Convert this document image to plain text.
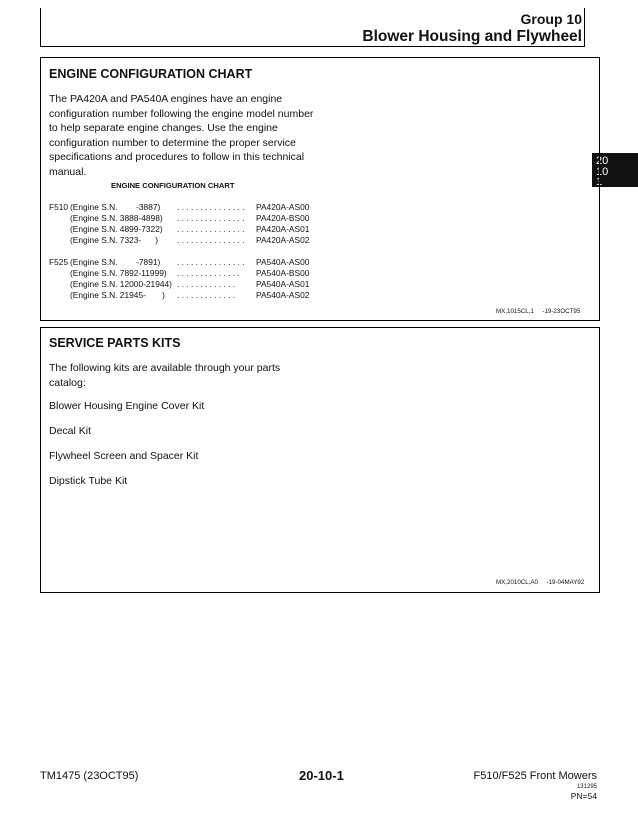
Group 10
Blower Housing and Flywheel
20
10
1
ENGINE CONFIGURATION CHART
The PA420A and PA540A engines have an engine
configuration number following the engine model number
to help separate engine changes. Use the engine
configuration number to determine the proper service
specifications and procedures to follow in this technical
manual.
ENGINE CONFIGURATION CHART
F510 (Engine S.N.        -3887) . . . . . . . . . . . . . . . PA420A-AS00
(Engine S.N. 3888-4898) . . . . . . . . . . . . . . . PA420A-BS00
(Engine S.N. 4899-7322) . . . . . . . . . . . . . . . PA420A-AS01
(Engine S.N. 7323-      ) . . . . . . . . . . . . . . . PA420A-AS02
F525 (Engine S.N.        -7891) . . . . . . . . . . . . . . . PA540A-AS00
(Engine S.N. 7892-11999) . . . . . . . . . . . . . . PA540A-BS00
(Engine S.N. 12000-21944) . . . . . . . . . . . . . PA540A-AS01
(Engine S.N. 21945-       ) . . . . . . . . . . . . . PA540A-AS02
MX,1015CL,1     -19-23OCT95
SERVICE PARTS KITS
The following kits are available through your parts
catalog:
Blower Housing Engine Cover Kit
Decal Kit
Flywheel Screen and Spacer Kit
Dipstick Tube Kit
MX,2010CL,A0     -19-04MAY92
TM1475 (23OCT95)	20-10-1	F510/F525 Front Mowers
131295
PN=54
